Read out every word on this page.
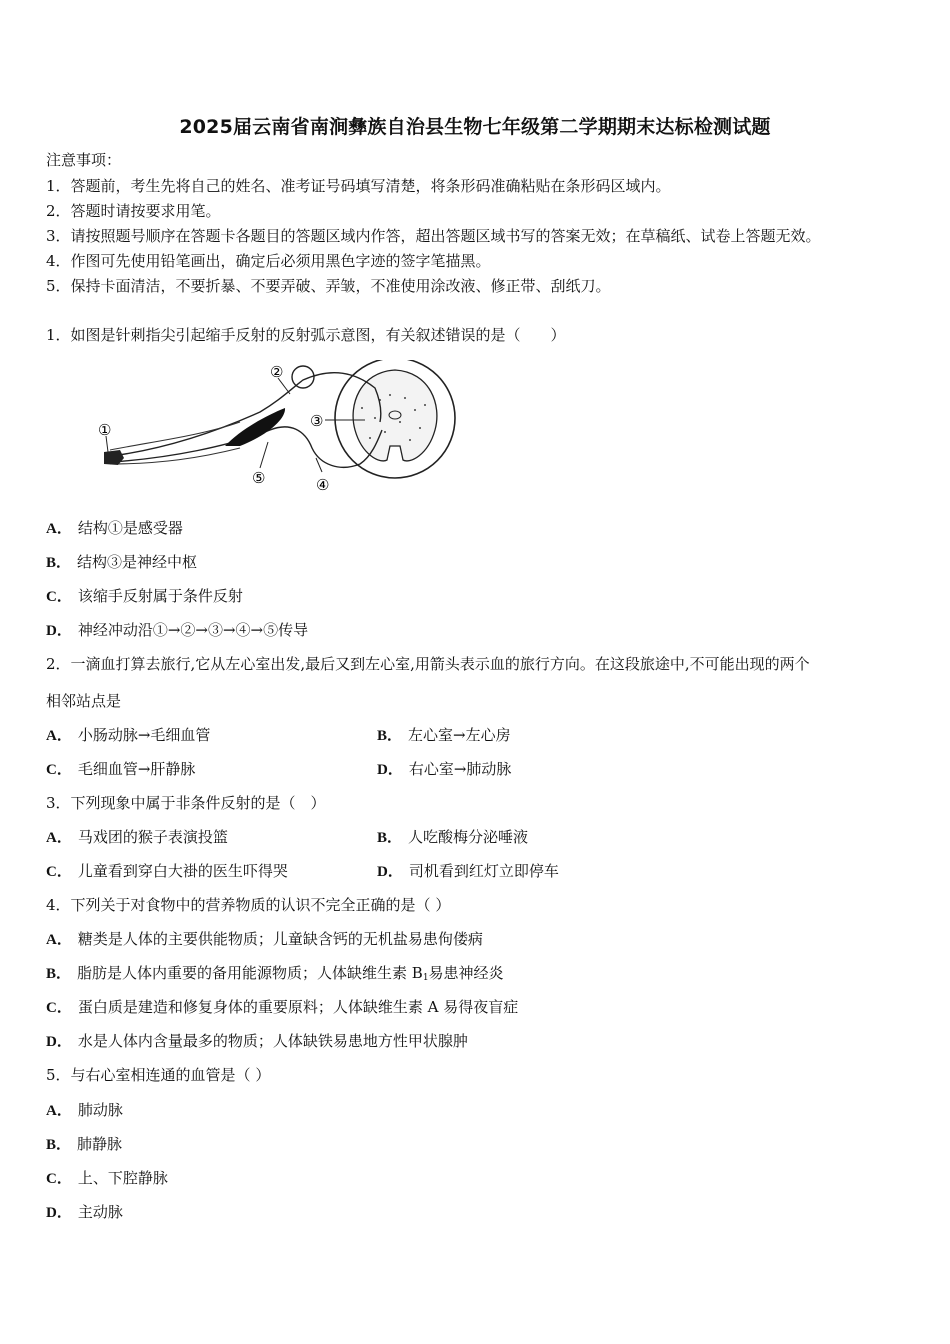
2025届云南省南涧彝族自治县生物七年级第二学期期末达标检测试题
注意事项：
1．答题前，考生先将自己的姓名、准考证号码填写清楚，将条形码准确粘贴在条形码区域内。
2．答题时请按要求用笔。
3．请按照题号顺序在答题卡各题目的答题区域内作答，超出答题区域书写的答案无效；在草稿纸、试卷上答题无效。
4．作图可先使用铅笔画出，确定后必须用黑色字迹的签字笔描黑。
5．保持卡面清洁，不要折暴、不要弄破、弄皱，不准使用涂改液、修正带、刮纸刀。
1．如图是针刺指尖引起缩手反射的反射弧示意图，有关叙述错误的是（　　）
①
②
③
④
⑤
A． 结构①是感受器
B． 结构③是神经中枢
C． 该缩手反射属于条件反射
D． 神经冲动沿①→②→③→④→⑤传导
2．一滴血打算去旅行,它从左心室出发,最后又到左心室,用箭头表示血的旅行方向。在这段旅途中,不可能出现的两个
相邻站点是
A． 小肠动脉→毛细血管	B． 左心室→左心房
C． 毛细血管→肝静脉	D． 右心室→肺动脉
3．下列现象中属于非条件反射的是（　）
A． 马戏团的猴子表演投篮	B． 人吃酸梅分泌唾液
C． 儿童看到穿白大褂的医生吓得哭	D． 司机看到红灯立即停车
4．下列关于对食物中的营养物质的认识不完全正确的是（ ）
A． 糖类是人体的主要供能物质；儿童缺含钙的无机盐易患佝偻病
B． 脂肪是人体内重要的备用能源物质；人体缺维生素 $B_1$易患神经炎
C． 蛋白质是建造和修复身体的重要原料；人体缺维生素 A 易得夜盲症
D． 水是人体内含量最多的物质；人体缺铁易患地方性甲状腺肿
5．与右心室相连通的血管是（ ）
A． 肺动脉
B． 肺静脉
C． 上、下腔静脉
D． 主动脉
